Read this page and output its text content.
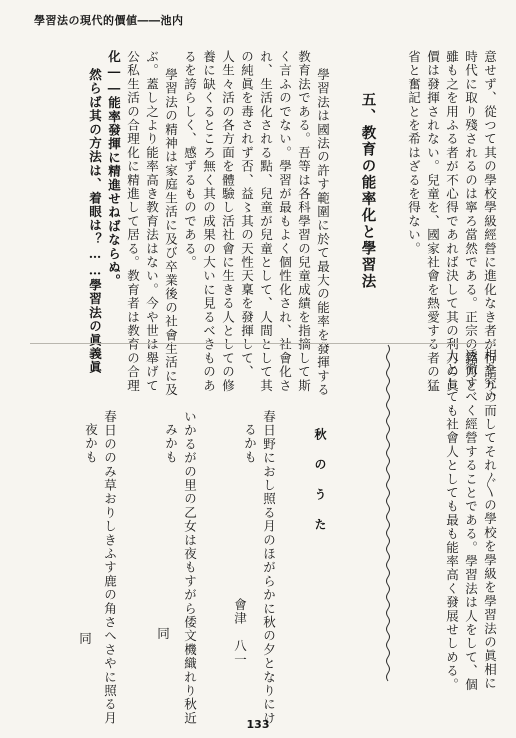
學習法の現代的價値――池内
意せず、從つて其の學校學級經營に進化なき者が行詰り、
時代に取り殘されるのは寧ろ當然である。正宗の銘刀と
雖も之を用ふる者が不心得であれば決して其の利刀の眞
價は發揮されない。兒童を、國家社會を熱愛する者の猛
省と奮記とを希はざるを得ない。
五、教育の能率化と學習法
學習法は國法の許す範圍に於て最大の能率を發揮する
教育法である。吾等は各科學習の兒童成績を指摘して斯
く言ふのでない。學習が最もよく個性化され、社會化さ
れ、生活化される點、兒童が兒童として、人間として其
の純眞を毒されず否、益〻其の天性天稟を發揮して、
人生々活の各方面を體驗し活社會に生きる人としての修
養に缺くるところ無く其の成果の大いに見るべきものあ
るを誇らしく、感ずるものである。
學習法の精神は家庭生活に及び卒業後の社會生活に及
ぶ。蓋し之より能率高き教育法はない。今や世は舉げて
公私生活の合理化に精進して居る。教育者は教育の合理
化――能率發揮に精進せねばならぬ。
然らば其の方法は、着眼は？……學習法の眞義眞
相を究め而してそれ〴〵の學校を學級を學習法の眞相に
透徹すべく經營することである。學習法は人をして、個
人としても社會人としても最も能率高く發展せしめる。
秋のうた
春日野におし照る月のほがらかに秋の夕となりにけ
るかも
會津　八一
いかるがの里の乙女は夜もすがら倭文機織れり秋近
みかも
同
春日ののみ草おりしきふす鹿の角さへさやに照る月
夜かも
同
133
